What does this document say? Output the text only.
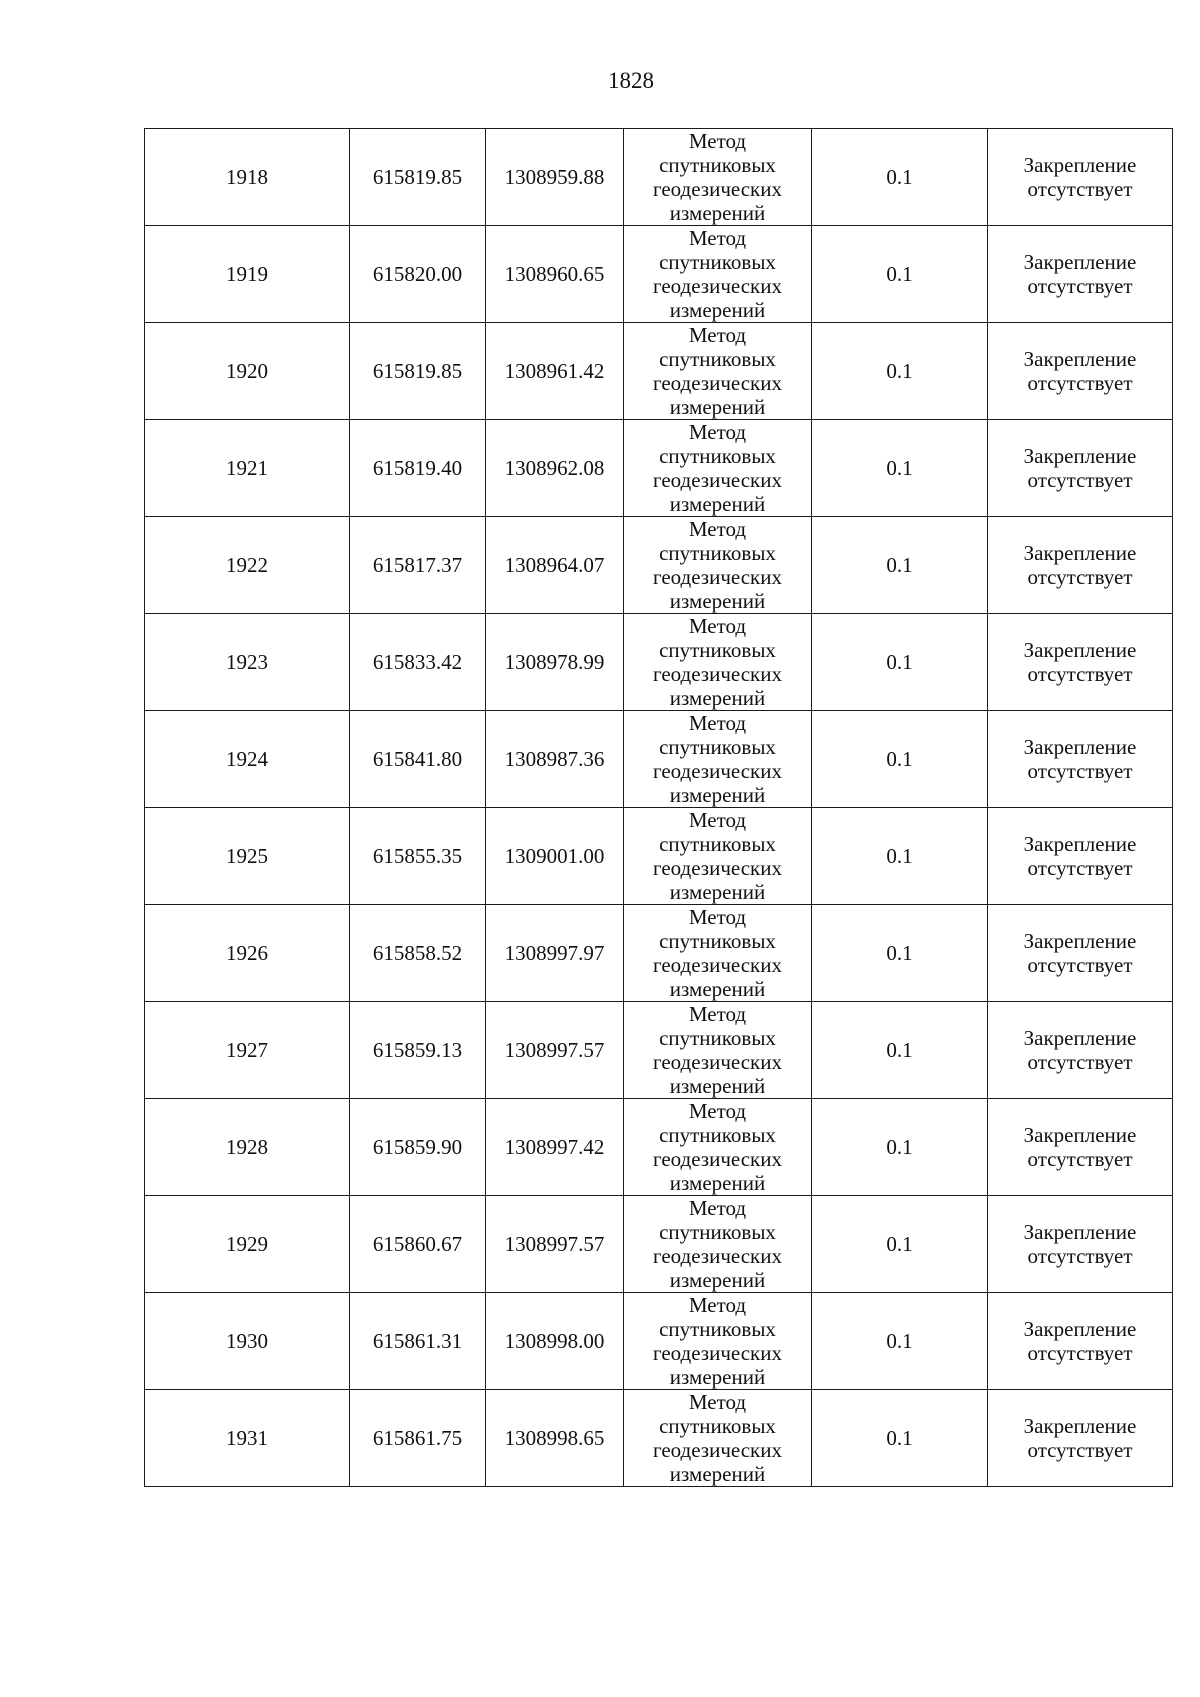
1828
1918	615819.85	1308959.88	Метод
спутниковых
геодезических
измерений	0.1	Закрепление
отсутствует

1919	615820.00	1308960.65	Метод
спутниковых
геодезических
измерений	0.1	Закрепление
отсутствует

1920	615819.85	1308961.42	Метод
спутниковых
геодезических
измерений	0.1	Закрепление
отсутствует

1921	615819.40	1308962.08	Метод
спутниковых
геодезических
измерений	0.1	Закрепление
отсутствует

1922	615817.37	1308964.07	Метод
спутниковых
геодезических
измерений	0.1	Закрепление
отсутствует

1923	615833.42	1308978.99	Метод
спутниковых
геодезических
измерений	0.1	Закрепление
отсутствует

1924	615841.80	1308987.36	Метод
спутниковых
геодезических
измерений	0.1	Закрепление
отсутствует

1925	615855.35	1309001.00	Метод
спутниковых
геодезических
измерений	0.1	Закрепление
отсутствует

1926	615858.52	1308997.97	Метод
спутниковых
геодезических
измерений	0.1	Закрепление
отсутствует

1927	615859.13	1308997.57	Метод
спутниковых
геодезических
измерений	0.1	Закрепление
отсутствует

1928	615859.90	1308997.42	Метод
спутниковых
геодезических
измерений	0.1	Закрепление
отсутствует

1929	615860.67	1308997.57	Метод
спутниковых
геодезических
измерений	0.1	Закрепление
отсутствует

1930	615861.31	1308998.00	Метод
спутниковых
геодезических
измерений	0.1	Закрепление
отсутствует

1931	615861.75	1308998.65	Метод
спутниковых
геодезических
измерений	0.1	Закрепление
отсутствует
